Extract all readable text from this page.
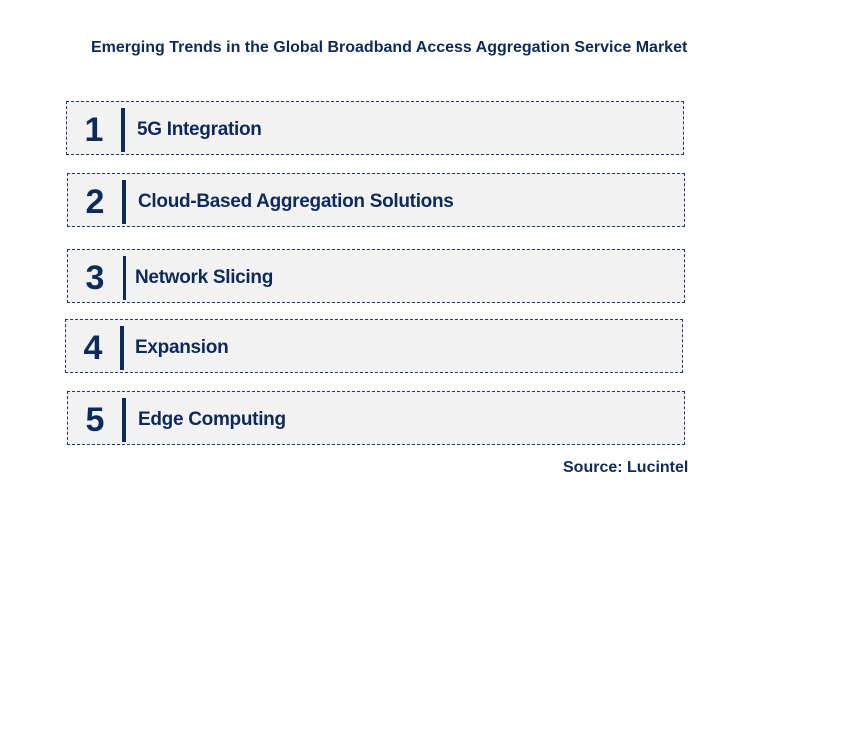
Emerging Trends in the Global Broadband Access Aggregation Service Market
1 5G Integration
2 Cloud-Based Aggregation Solutions
3 Network Slicing
4 Expansion
5 Edge Computing
Source: Lucintel
